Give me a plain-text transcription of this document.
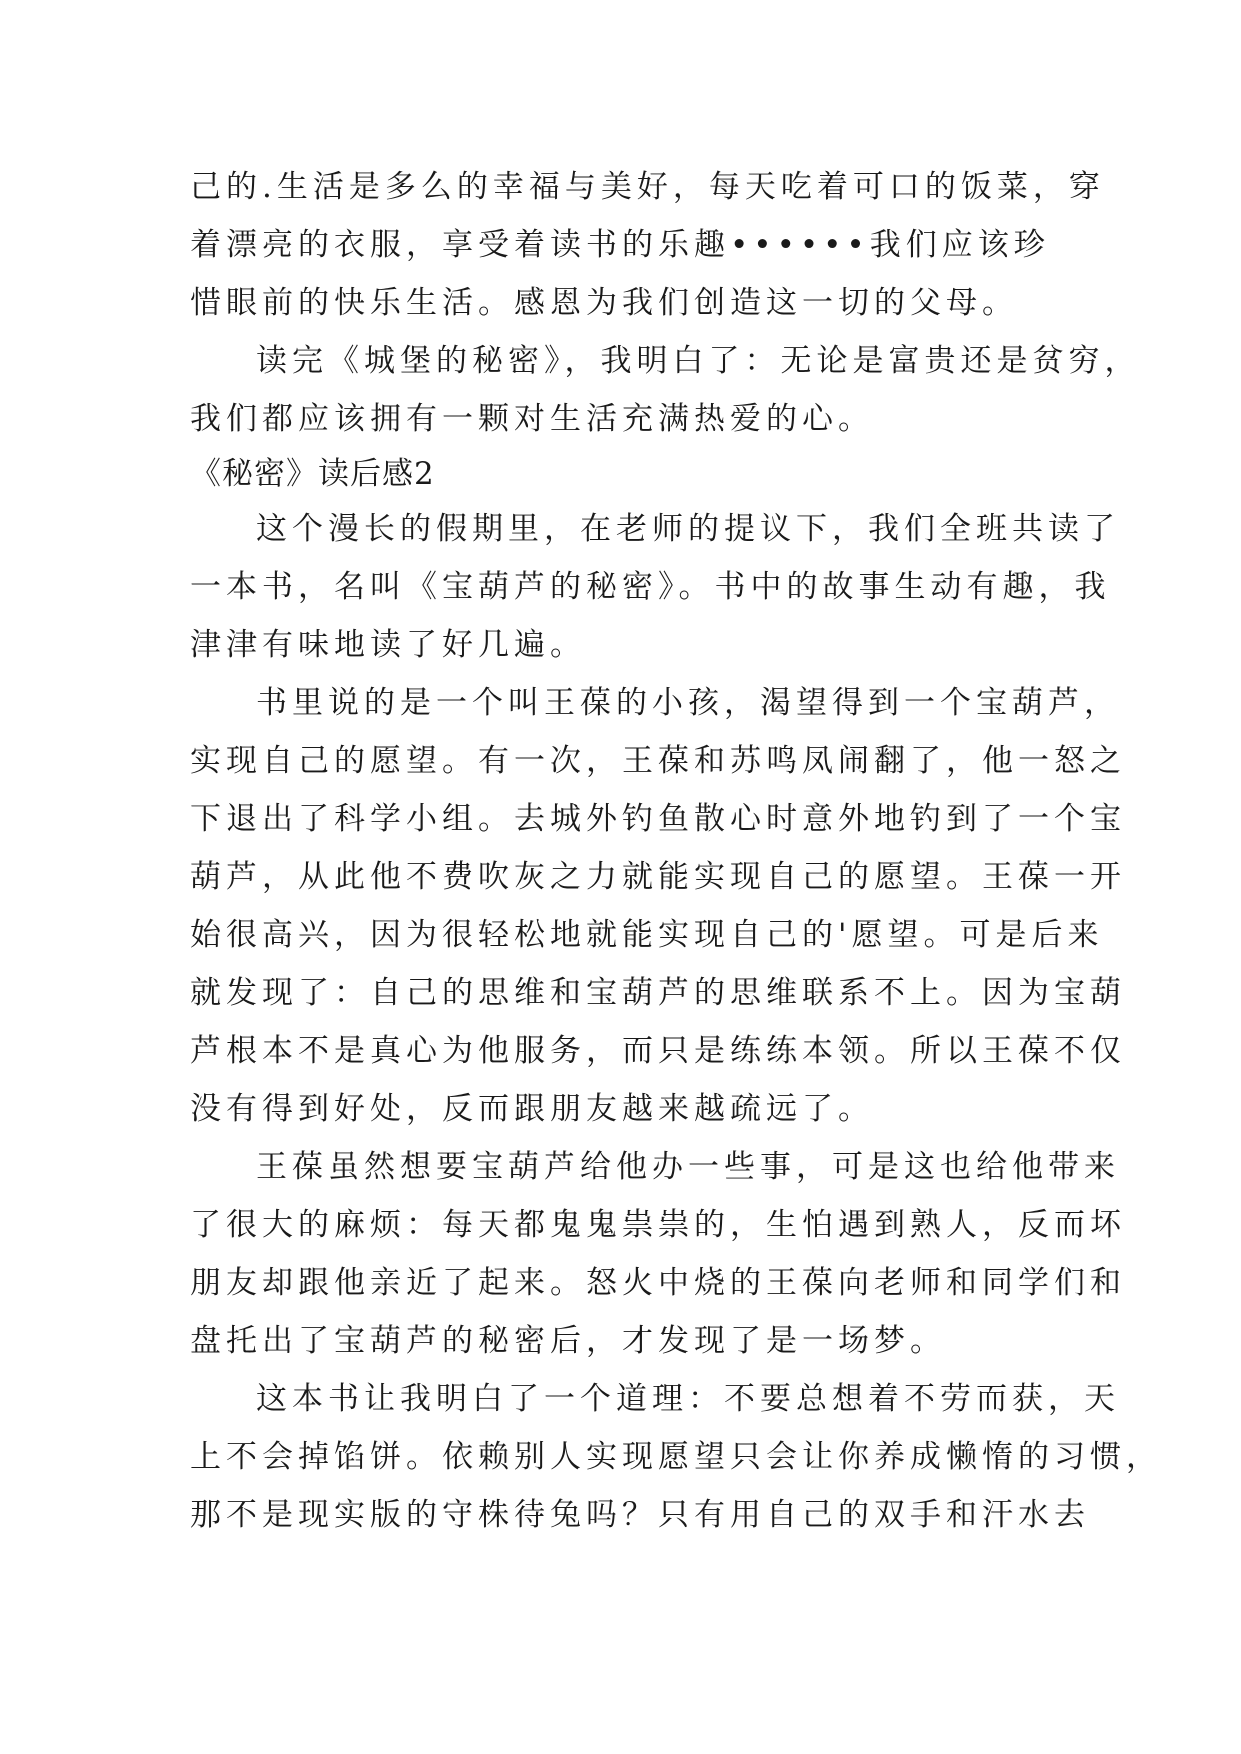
己的.生活是多么的幸福与美好，每天吃着可口的饭菜，穿
着漂亮的衣服，享受着读书的乐趣••••••我们应该珍
惜眼前的快乐生活。感恩为我们创造这一切的父母。
读完《城堡的秘密》，我明白了：无论是富贵还是贫穷，
我们都应该拥有一颗对生活充满热爱的心。
《秘密》读后感2
这个漫长的假期里，在老师的提议下，我们全班共读了
一本书，名叫《宝葫芦的秘密》。书中的故事生动有趣，我
津津有味地读了好几遍。
书里说的是一个叫王葆的小孩，渴望得到一个宝葫芦，
实现自己的愿望。有一次，王葆和苏鸣凤闹翻了，他一怒之
下退出了科学小组。去城外钓鱼散心时意外地钓到了一个宝
葫芦，从此他不费吹灰之力就能实现自己的愿望。王葆一开
始很高兴，因为很轻松地就能实现自己的'愿望。可是后来
就发现了：自己的思维和宝葫芦的思维联系不上。因为宝葫
芦根本不是真心为他服务，而只是练练本领。所以王葆不仅
没有得到好处，反而跟朋友越来越疏远了。
王葆虽然想要宝葫芦给他办一些事，可是这也给他带来
了很大的麻烦：每天都鬼鬼祟祟的，生怕遇到熟人，反而坏
朋友却跟他亲近了起来。怒火中烧的王葆向老师和同学们和
盘托出了宝葫芦的秘密后，才发现了是一场梦。
这本书让我明白了一个道理：不要总想着不劳而获，天
上不会掉馅饼。依赖别人实现愿望只会让你养成懒惰的习惯，
那不是现实版的守株待兔吗？只有用自己的双手和汗水去
